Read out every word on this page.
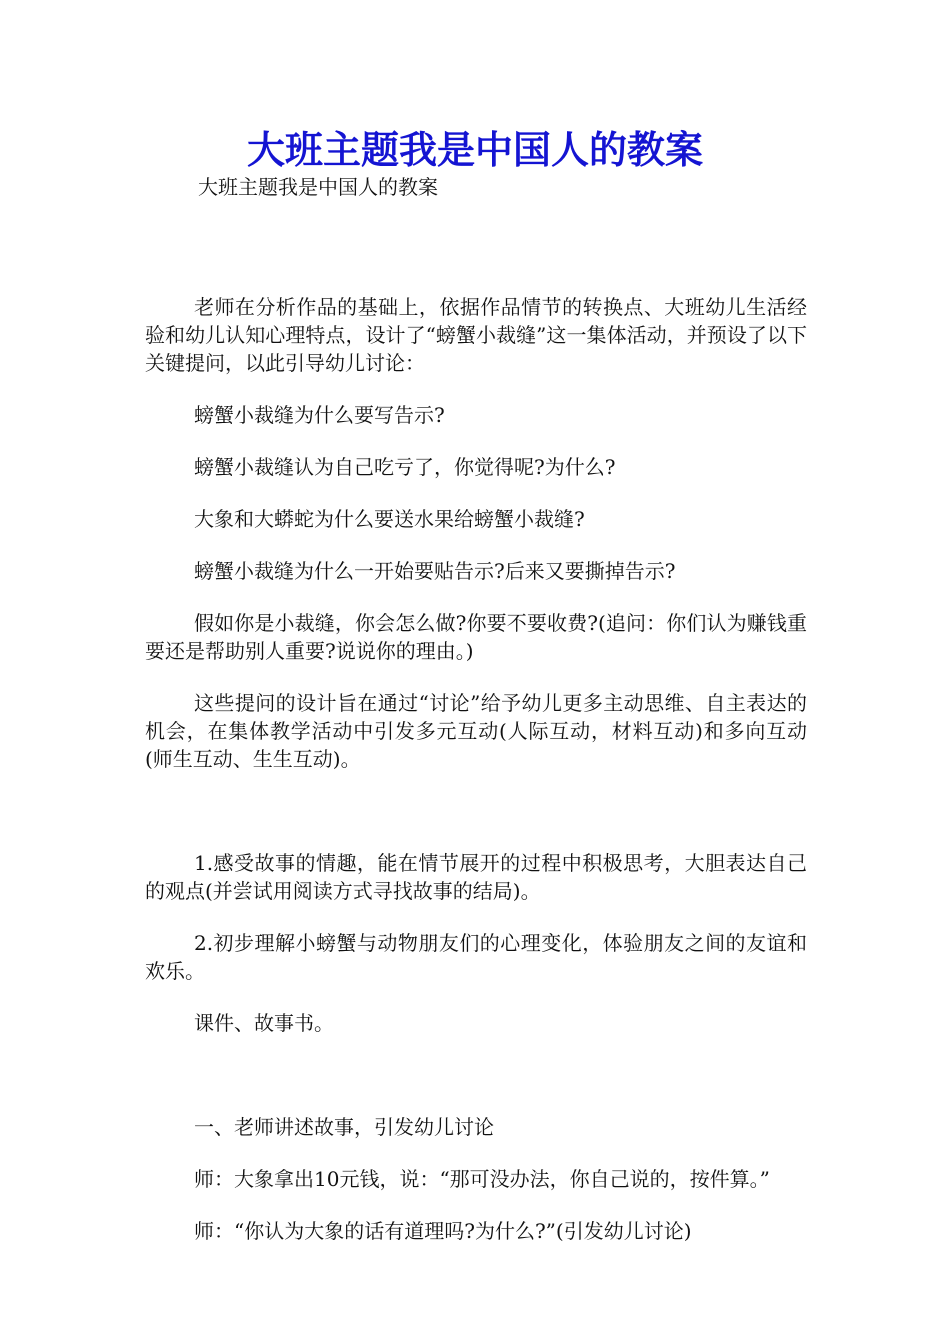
大班主题我是中国人的教案

大班主题我是中国人的教案

老师在分析作品的基础上，依据作品情节的转换点、大班幼儿生活经验和幼儿认知心理特点，设计了“螃蟹小裁缝”这一集体活动，并预设了以下关键提问，以此引导幼儿讨论：

螃蟹小裁缝为什么要写告示?

螃蟹小裁缝认为自己吃亏了，你觉得呢?为什么?

大象和大蟒蛇为什么要送水果给螃蟹小裁缝?

螃蟹小裁缝为什么一开始要贴告示?后来又要撕掉告示?

假如你是小裁缝，你会怎么做?你要不要收费?(追问：你们认为赚钱重要还是帮助别人重要?说说你的理由。)

这些提问的设计旨在通过“讨论”给予幼儿更多主动思维、自主表达的机会，在集体教学活动中引发多元互动(人际互动，材料互动)和多向互动(师生互动、生生互动)。

1.感受故事的情趣，能在情节展开的过程中积极思考，大胆表达自己的观点(并尝试用阅读方式寻找故事的结局)。

2.初步理解小螃蟹与动物朋友们的心理变化，体验朋友之间的友谊和欢乐。

课件、故事书。

一、老师讲述故事，引发幼儿讨论

师：大象拿出10元钱，说：“那可没办法，你自己说的，按件算。”

师：“你认为大象的话有道理吗?为什么?”(引发幼儿讨论)
